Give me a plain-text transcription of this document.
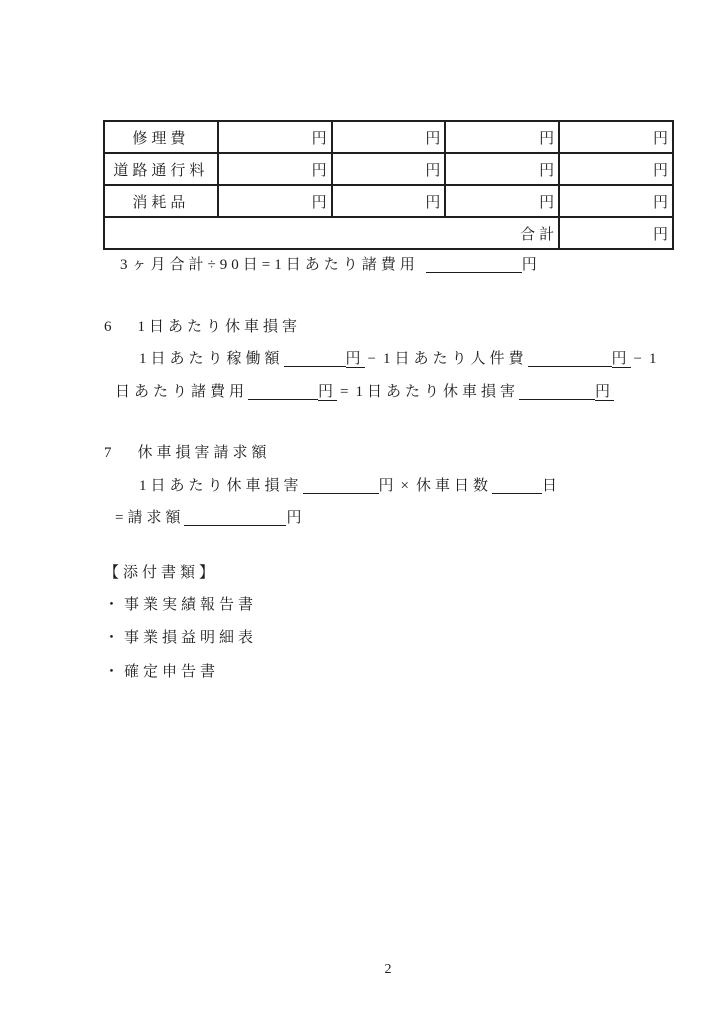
修理費	円	円	円	円
道路通行料	円	円	円	円
消耗品	円	円	円	円
合計				円
3ヶ月合計÷90日=1日あたり諸費用	円
6 1日あたり休車損害
1日あたり稼働額	円 − 1日あたり人件費	円 − 1
日あたり諸費用	円 = 1日あたり休車損害	円
7 休車損害請求額
1日あたり休車損害	円 × 休車日数	日
=請求額	円
【添付書類】
・事業実績報告書
・事業損益明細表
・確定申告書
2
